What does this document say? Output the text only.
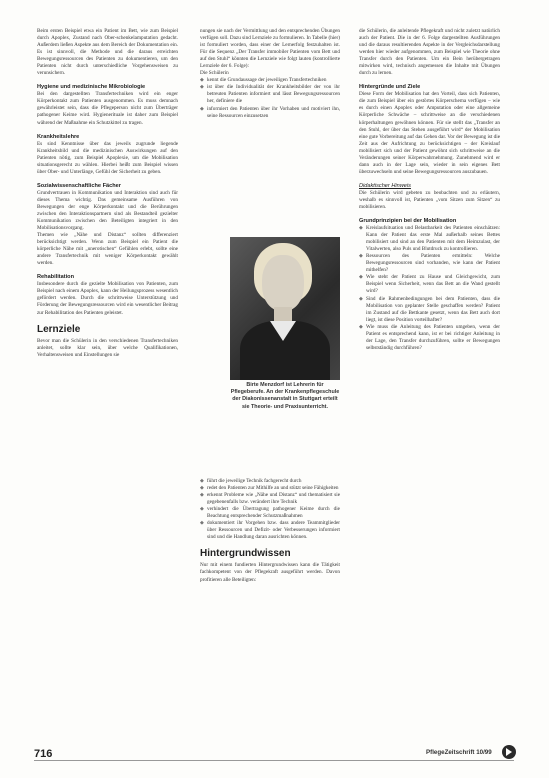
Beim ersten Beispiel etwa ein Patient im Bett, wie zum Beispiel durch Apoplex, Zustand nach Ober-schenkelamputation gedacht. Außerdem ließen Aspekte aus dem Bereich der Dokumentation ein. Es ist sinnvoll, die Methode und die daraus erreichten Bewegungsressourcen des Patienten zu dokumentieren, um den Patienten nicht durch unterschiedliche Vorgehensweisen zu verunsichern.

Hygiene und medizinische Mikrobiologie

Bei den dargestellten Transfertechniken wird ein enger Körperkontakt zum Patienten ausgenommen. Es muss demnach gewährleistet sein, dass die Pflegeperson nicht zum Überträger pathogener Keime wird. Hygienerituale ist daher zum Beispiel während der Maßnahme ein Schutzkittel zu tragen.

Krankheitslehre

Es sind Kenntnisse über das jeweils zugrunde liegende Krankheitsbild und die medizinischen Auswirkungen auf den Patienten nötig, zum Beispiel Apoplexie, um die Mobilisation situationsgerecht zu wählen. Hierbei heißt zum Beispiel wissen über Ober- und Unterlänge, Gefühl der Sicherheit zu geben.

Sozialwissenschaftliche Fächer

Grundvertrauen in Kommunikation und Interaktion sind auch für dieses Thema wichtig. Das gemeinsame Ausführen von Bewegungen der enge Körperkontakt und die Berührungen zwischen den Interaktionspartnern sind als Bestandteil gezielter Kommunikation zwischen den Beteiligten integriert in den Mobilisationsvorgang.

Themen wie „Nähe und Distanz“ sollten differenziert berücksichtigt werden. Wenn zum Beispiel ein Patient die körperliche Nähe mit „unerotischen“ Gefühlen erlebt, sollte eine andere Transfertechnik mit weniger Körperkontakt gewählt werden.

Rehabilitation

Insbesondere durch die gezielte Mobilisation von Patienten, zum Beispiel nach einem Apoplex, kann der Heilungsprozess wesentlich gefördert werden. Durch die schrittweise Unterstützung und Förderung der Bewegungsressourcen wird ein wesentlicher Beitrag zur Rehabilitation des Patienten geleistet.

Lernziele

Bevor man die Schülerin in den verschiedenen Transfertechniken anleitet, sollte klar sein, über welche Qualifikationen, Verhaltensweisen und Einstellungen sie

nungen sie nach der Vermittlung und den entsprechenden Übungen verfügen soll. Dazu sind Lernziele zu formulieren. In Tabelle (hier) ist formuliert worden, dass einer der Lernerfolg festzuhalten ist. Für die Sequenz „Der Transfer immobiler Patienten vom Bett und auf den Stuhl“ könnten die Lernziele wie folgt lauten (kontrollierte Lernziele der 6. Folge):

Die Schülerin

◆ kennt die Grundaussage der jeweiligen Transfertechniken
◆ ist über die Individualität der Krankheitsbilder der von ihr betreuten Patienten informiert und lässt Bewegungsressourcen her, definiere die
◆ informiert den Patienten über ihr Vorhaben und motiviert ihn, seine Ressourcen einzusetzen
Birte Menzdorf ist Lehrerin für Pflegeberufe. An der Krankenpflegeschule der Diakonissenanstalt in Stuttgart erteilt sie Theorie- und Praxisunterricht.
◆ führt die jeweilige Technik fachgerecht durch
◆ redet den Patienten zur Mithilfe an und stützt seine Fähigkeiten
◆ erkennt Probleme wie „Nähe und Distanz“ und thematisiert sie gegebenenfalls bzw. verändert ihre Technik
◆ verhindert die Übertragung pathogener Keime durch die Beachtung entsprechender Schutzmaßnahmen
◆ dokumentiert ihr Vorgehen bzw. dass andere Teammitglieder über Ressourcen und Defizit- oder Verbesserungen informiert sind und die Handlung daran ausrichten können.
Hintergrundwissen

Nur mit einem fundierten Hintergrundwissen kann die Tätigkeit fachkompetent von der Pflegekraft ausgeführt werden. Davon profitieren alle Beteiligten:

die Schülerin, die anleitende Pflegekraft und nicht zuletzt natürlich auch der Patient. Die in der 6. Folge dargestellten Ausführungen und die daraus resultierenden Aspekte in der Vergleichsdarstellung werden hier wieder aufgenommen, zum Beispiel wie Theorie ohne Transfer durch den Patienten. Um ein Bein herübergetragen mitwirken wird, technisch angemessen die Inhalte mit Übungen durch zu lernen.

Hintergründe und Ziele

Diese Form der Mobilisation hat den Vorteil, dass sich Patienten, die zum Beispiel über ein gestörtes Körperschema verfügen – wie es durch einen Apoplex oder Amputation oder eine allgemeine Körperliche Schwäche – schrittweise an die verschiedenen körperhaltungen gewöhnen können. Für sie stellt das „Transfer an den Stuhl, der über das Stehen ausgeführt wird“ der Mobilisation eine gute Vorbereitung auf das Gehen dar. Vor der Bewegung ist die Zeit aus der Aufrichtung zu berücksichtigen – der Kreislauf mobilisiert sich und der Patient gewöhnt sich schrittweise an die Veränderungen seiner Körperwahrnehmung. Zunehmend wird er dann auch in der Lage sein, wieder in sein eigenes Bett überzuwechseln und seine Bewegungsressourcen auszubauen.

Didaktischer Hinweis

Die Schülerin wird gebeten zu beobachten und zu erläutern, weshalb es sinnvoll ist, Patienten „vom Sitzen zum Sitzen“ zu mobilisieren.

Grundprinzipien bei der Mobilisation
◆ Kreislaufsituation und Belastbarkeit des Patienten einschätzen: Kann der Patient das erste Mal außerhalb seines Bettes mobilisiert und sind an den Patienten mit dem Heimzulast, der Vitalwerten, also Puls und Blutdruck zu kontrollieren.
◆ Ressourcen des Patienten ermitteln: Welche Bewegungsressourcen sind vorhanden, wie kann der Patient mithelfen?
◆ Wie steht der Patient zu Hause und Gleichgewicht, zum Beispiel wenn Sicherheit, wenn das Bett an die Wand gestellt wird?
◆ Sind die Rahmenbedingungen bei dem Patienten, dass die Mobilisation von geplanter Stelle geschaffen werden? Patient im Zustand auf die Bettkante gesetzt, wenn das Bett auch dort liegt, ist diese Position vorteilhafter?
◆ Wie muss die Anleitung des Patienten umgeben, wenn der Patient es entsprechend kann, ist er bei richtiger Anleitung in der Lage, den Transfer durchzuführen, sollte er Bewegungen selbstständig durchführen?
716	PflegeZeitschrift 10/99
